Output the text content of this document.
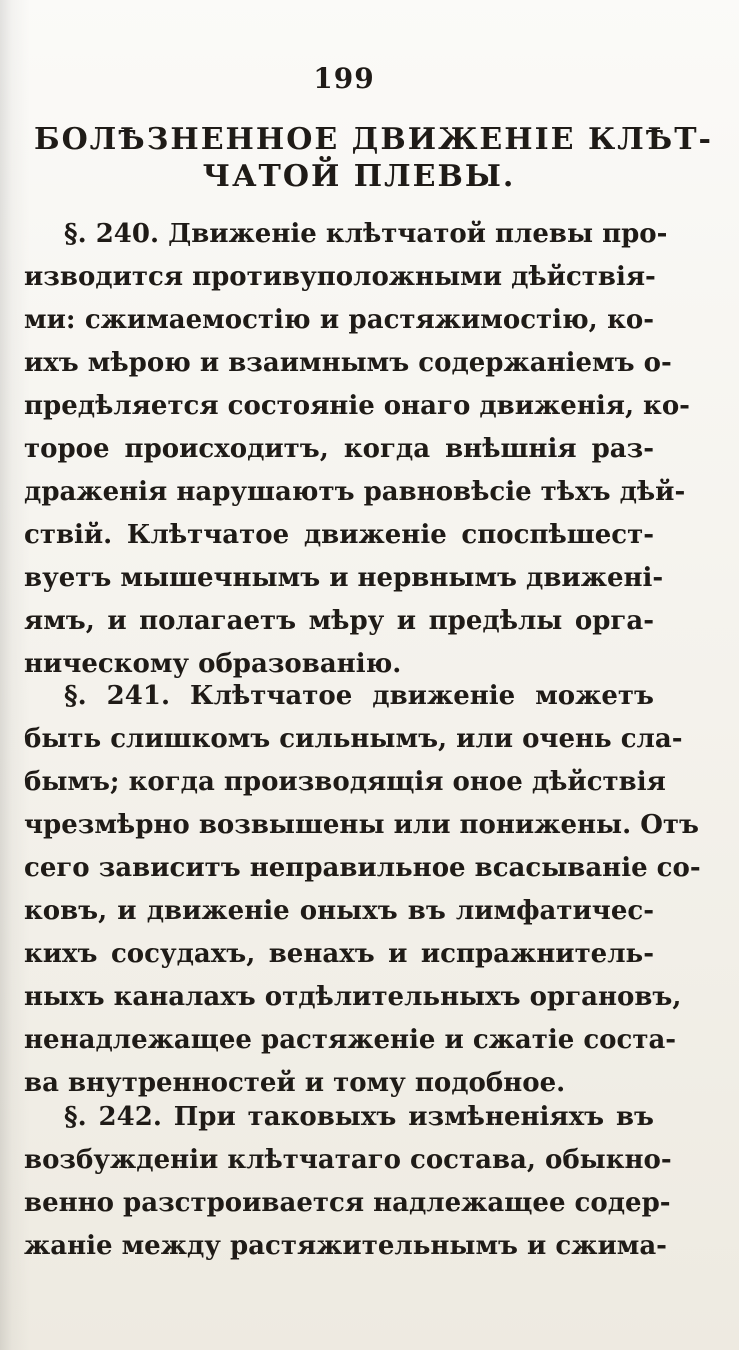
199
БОЛѢЗНЕННОЕ ДВИЖЕНІЕ КЛѢТ-
ЧАТОЙ ПЛЕВЫ.
§. 240. Движеніе клѣтчатой плевы про-
изводится противуположными дѣйствія-
ми: сжимаемостію и растяжимостію, ко-
ихъ мѣрою и взаимнымъ содержаніемъ о-
предѣляется состояніе онаго движенія, ко-
торое происходитъ, когда внѣшнія раз-
драженія нарушаютъ равновѣсіе тѣхъ дѣй-
ствій. Клѣтчатое движеніе споспѣшест-
вуетъ мышечнымъ и нервнымъ движені-
ямъ, и полагаетъ мѣру и предѣлы орга-
ническому образованію.
§. 241. Клѣтчатое движеніе можетъ
быть слишкомъ сильнымъ, или очень сла-
бымъ; когда производящія оное дѣйствія
чрезмѣрно возвышены или понижены. Отъ
сего зависитъ неправильное всасываніе со-
ковъ, и движеніе оныхъ въ лимфатичес-
кихъ сосудахъ, венахъ и испражнитель-
ныхъ каналахъ отдѣлительныхъ органовъ,
ненадлежащее растяженіе и сжатіе соста-
ва внутренностей и тому подобное.
§. 242. При таковыхъ измѣненіяхъ въ
возбужденіи клѣтчатаго состава, обыкно-
венно разстроивается надлежащее содер-
жаніе между растяжительнымъ и сжима-
